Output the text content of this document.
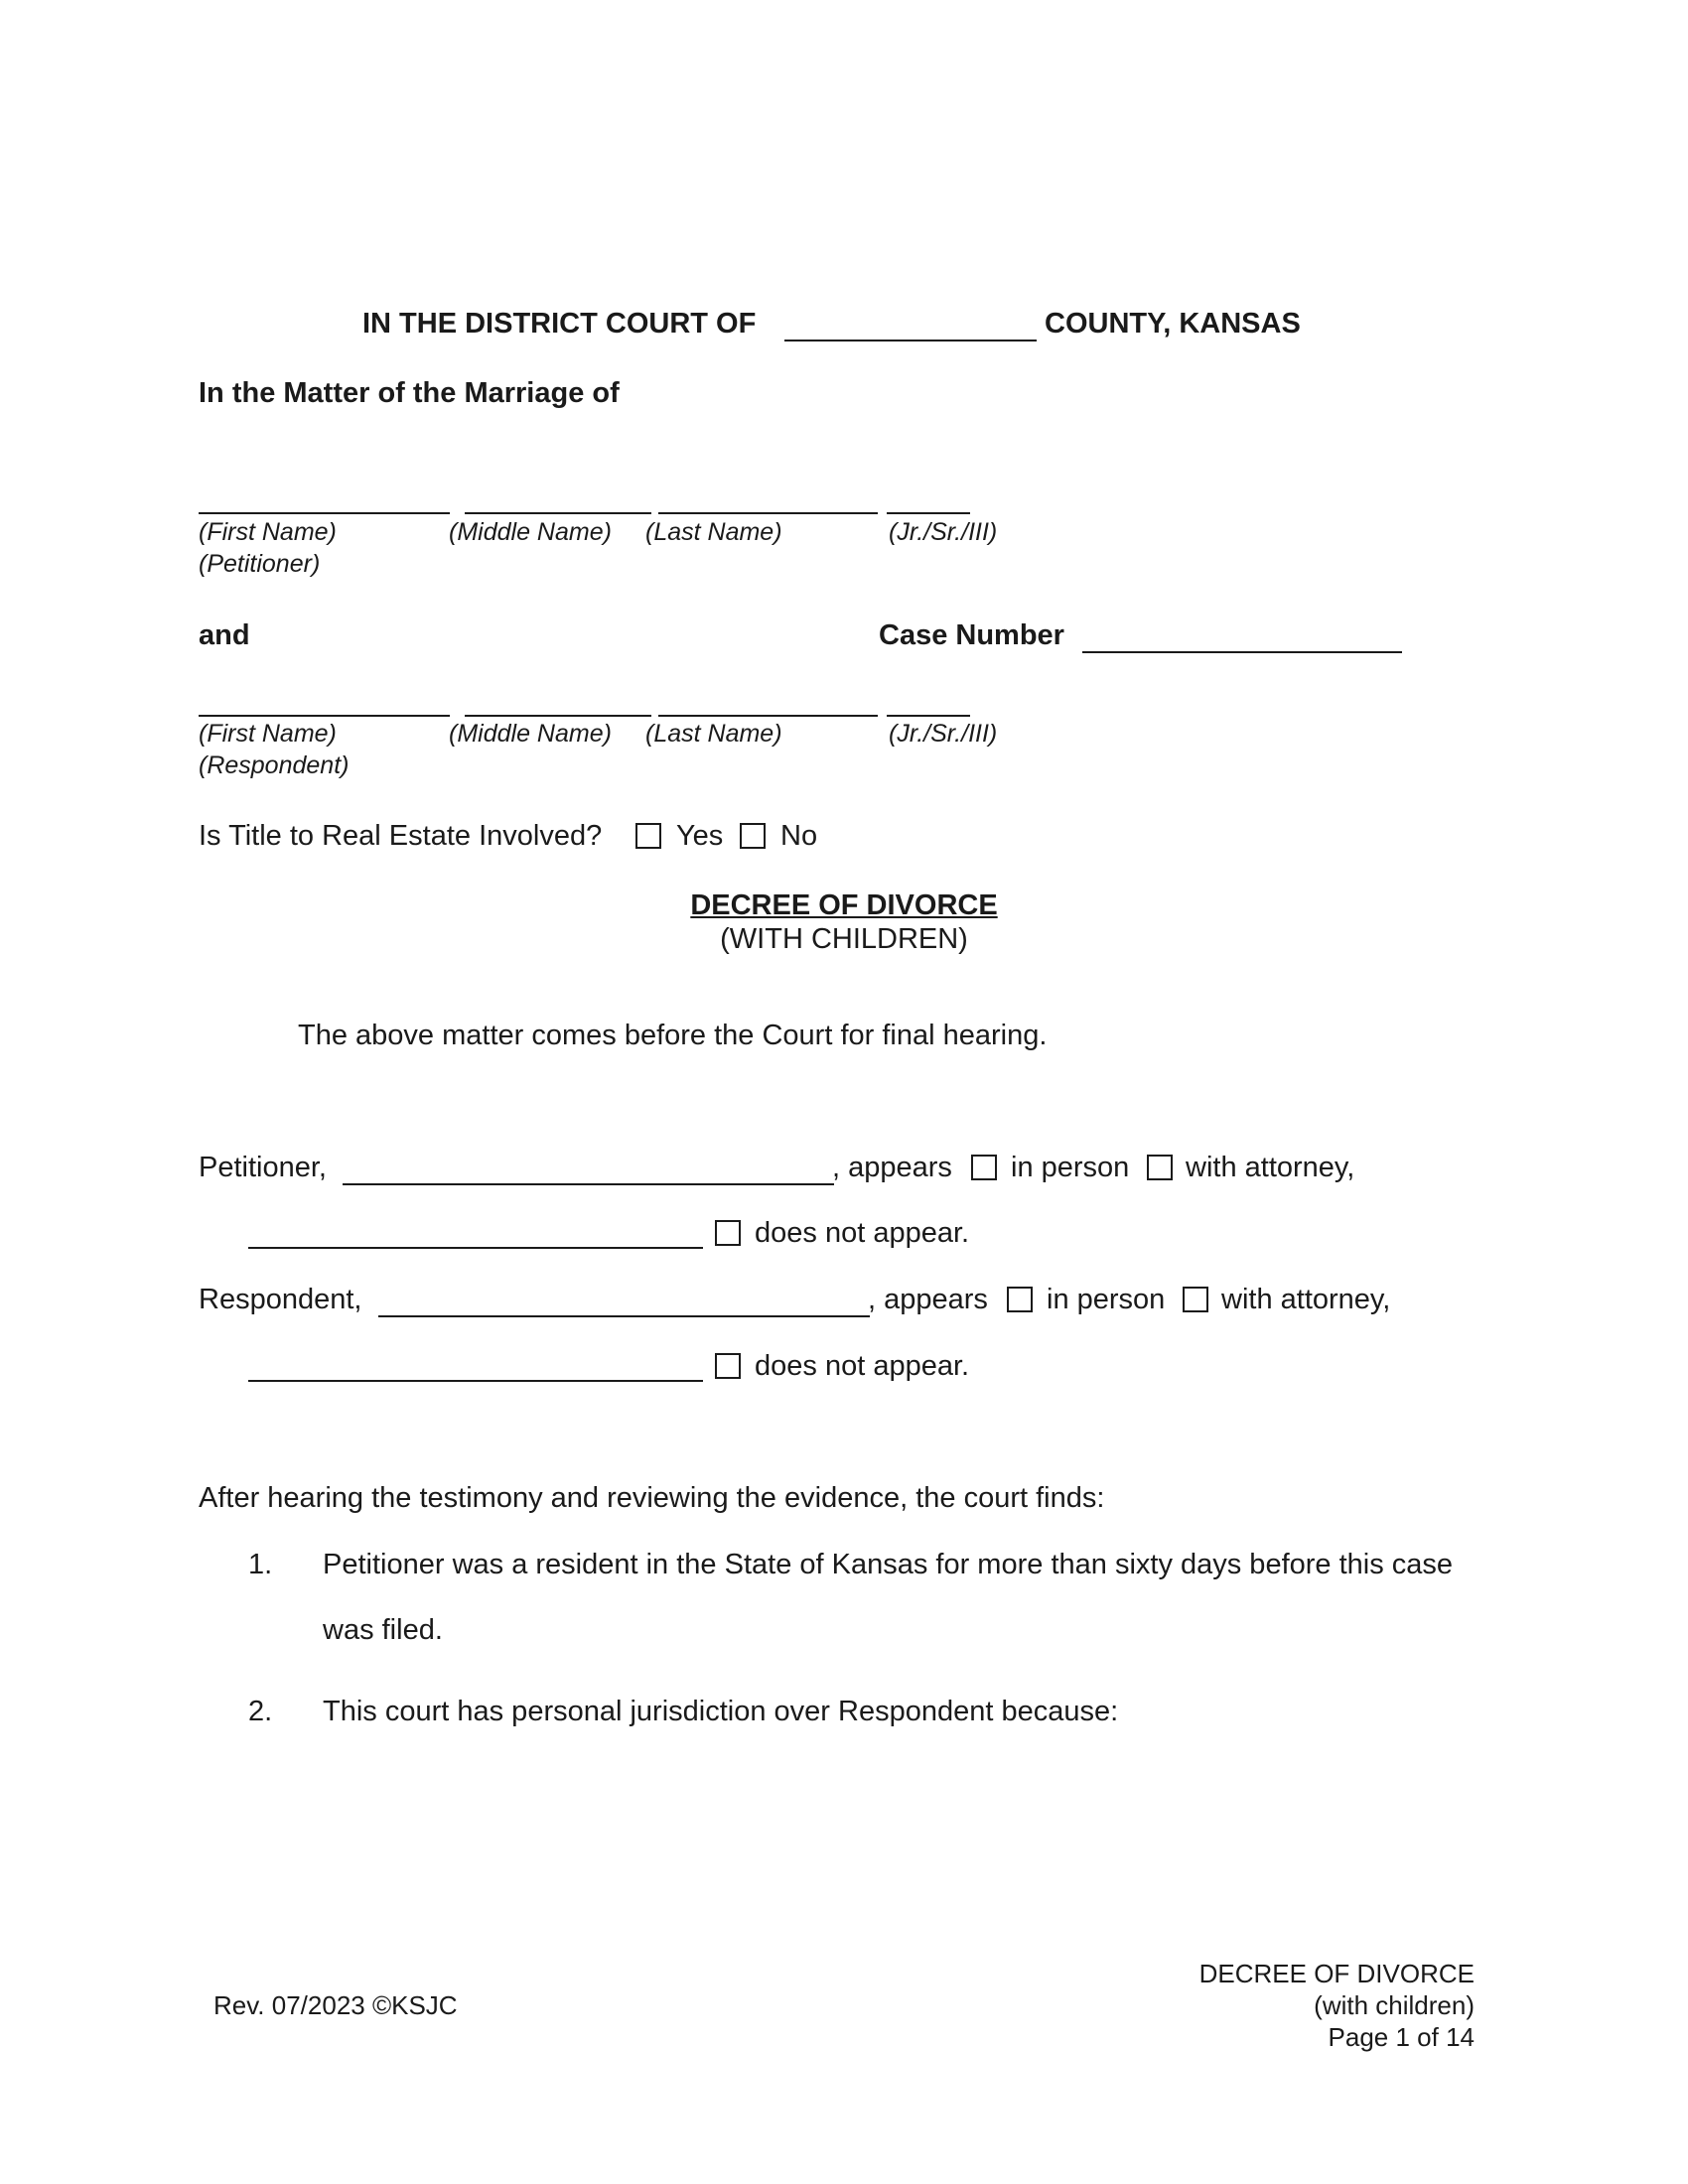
IN THE DISTRICT COURT OF	COUNTY, KANSAS
In the Matter of the Marriage of
(First Name)	(Middle Name) (Last Name)	(Jr./Sr./III)
(Petitioner)
and	Case Number
(First Name)	(Middle Name) (Last Name)	(Jr./Sr./III)
(Respondent)
Is Title to Real Estate Involved?	Yes No
DECREE OF DIVORCE
(WITH CHILDREN)
The above matter comes before the Court for final hearing.
Petitioner,	, appears in person with attorney,
does not appear.
Respondent,	, appears in person with attorney,
does not appear.
After hearing the testimony and reviewing the evidence, the court finds:
1. Petitioner was a resident in the State of Kansas for more than sixty days before this case
was filed.
2. This court has personal jurisdiction over Respondent because:
Rev. 07/2023 ©KSJC
DECREE OF DIVORCE
(with children)
Page 1 of 14
